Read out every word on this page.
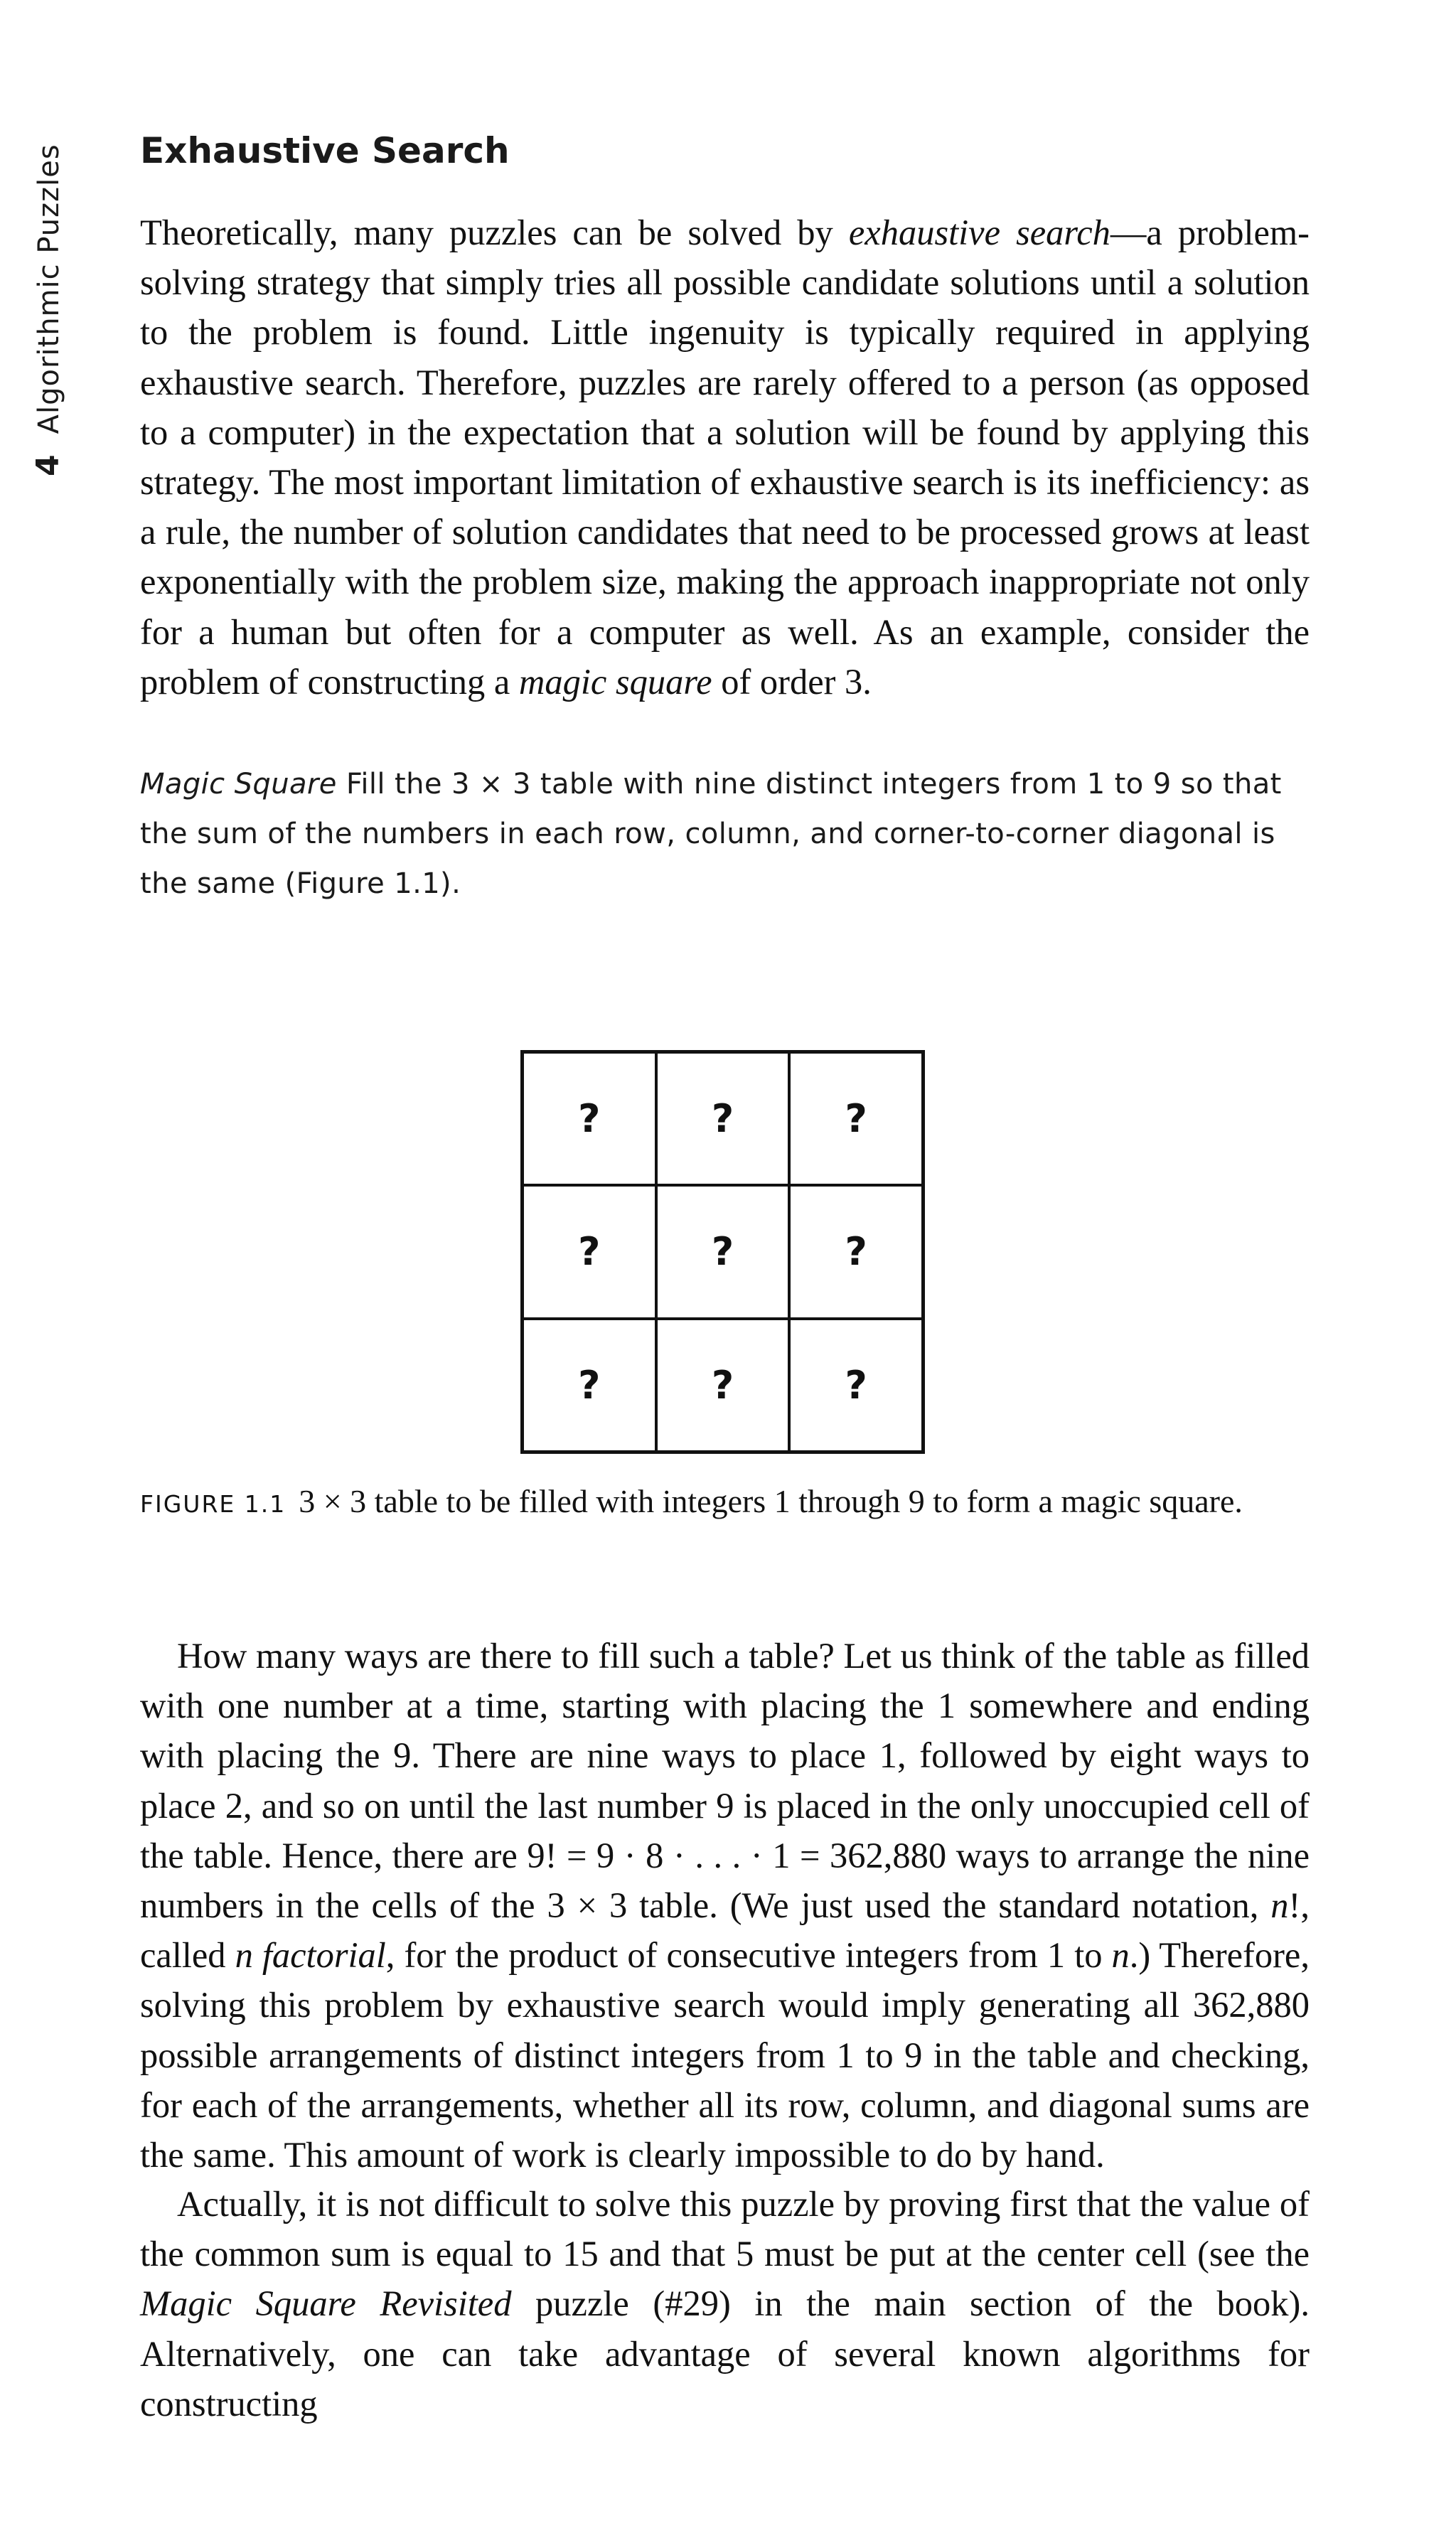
4
Algorithmic Puzzles Exhaustive Search

Theoretically, many puzzles can be solved by exhaustive search—a problem-solving strategy that simply tries all possible candidate solutions until a solution to the problem is found. Little ingenuity is typically required in applying exhaustive search. Therefore, puzzles are rarely offered to a person (as opposed to a computer) in the expectation that a solution will be found by applying this strategy. The most important limitation of exhaustive search is its inefficiency: as a rule, the number of solution candidates that need to be processed grows at least exponentially with the problem size, making the approach inappropriate not only for a human but often for a computer as well. As an example, consider the problem of constructing a magic square of order 3.

Magic Square Fill the 3 × 3 table with nine distinct integers from 1 to 9 so that the sum of the numbers in each row, column, and corner-to-corner diagonal is the same (Figure 1.1).

?	?	?
?	?	?
?	?	?

FIGURE 1.1 3 × 3 table to be filled with integers 1 through 9 to form a magic square.

How many ways are there to fill such a table? Let us think of the table as filled with one number at a time, starting with placing the 1 somewhere and ending with placing the 9. There are nine ways to place 1, followed by eight ways to place 2, and so on until the last number 9 is placed in the only unoccupied cell of the table. Hence, there are 9! = 9 · 8 · . . . · 1 = 362,880 ways to arrange the nine numbers in the cells of the 3 × 3 table. (We just used the standard notation, n!, called n factorial, for the product of consecutive integers from 1 to n.) Therefore, solving this problem by exhaustive search would imply generating all 362,880 possible arrangements of distinct integers from 1 to 9 in the table and checking, for each of the arrangements, whether all its row, column, and diagonal sums are the same. This amount of work is clearly impossible to do by hand.

Actually, it is not difficult to solve this puzzle by proving first that the value of the common sum is equal to 15 and that 5 must be put at the center cell (see the Magic Square Revisited puzzle (#29) in the main section of the book). Alternatively, one can take advantage of several known algorithms for constructing
